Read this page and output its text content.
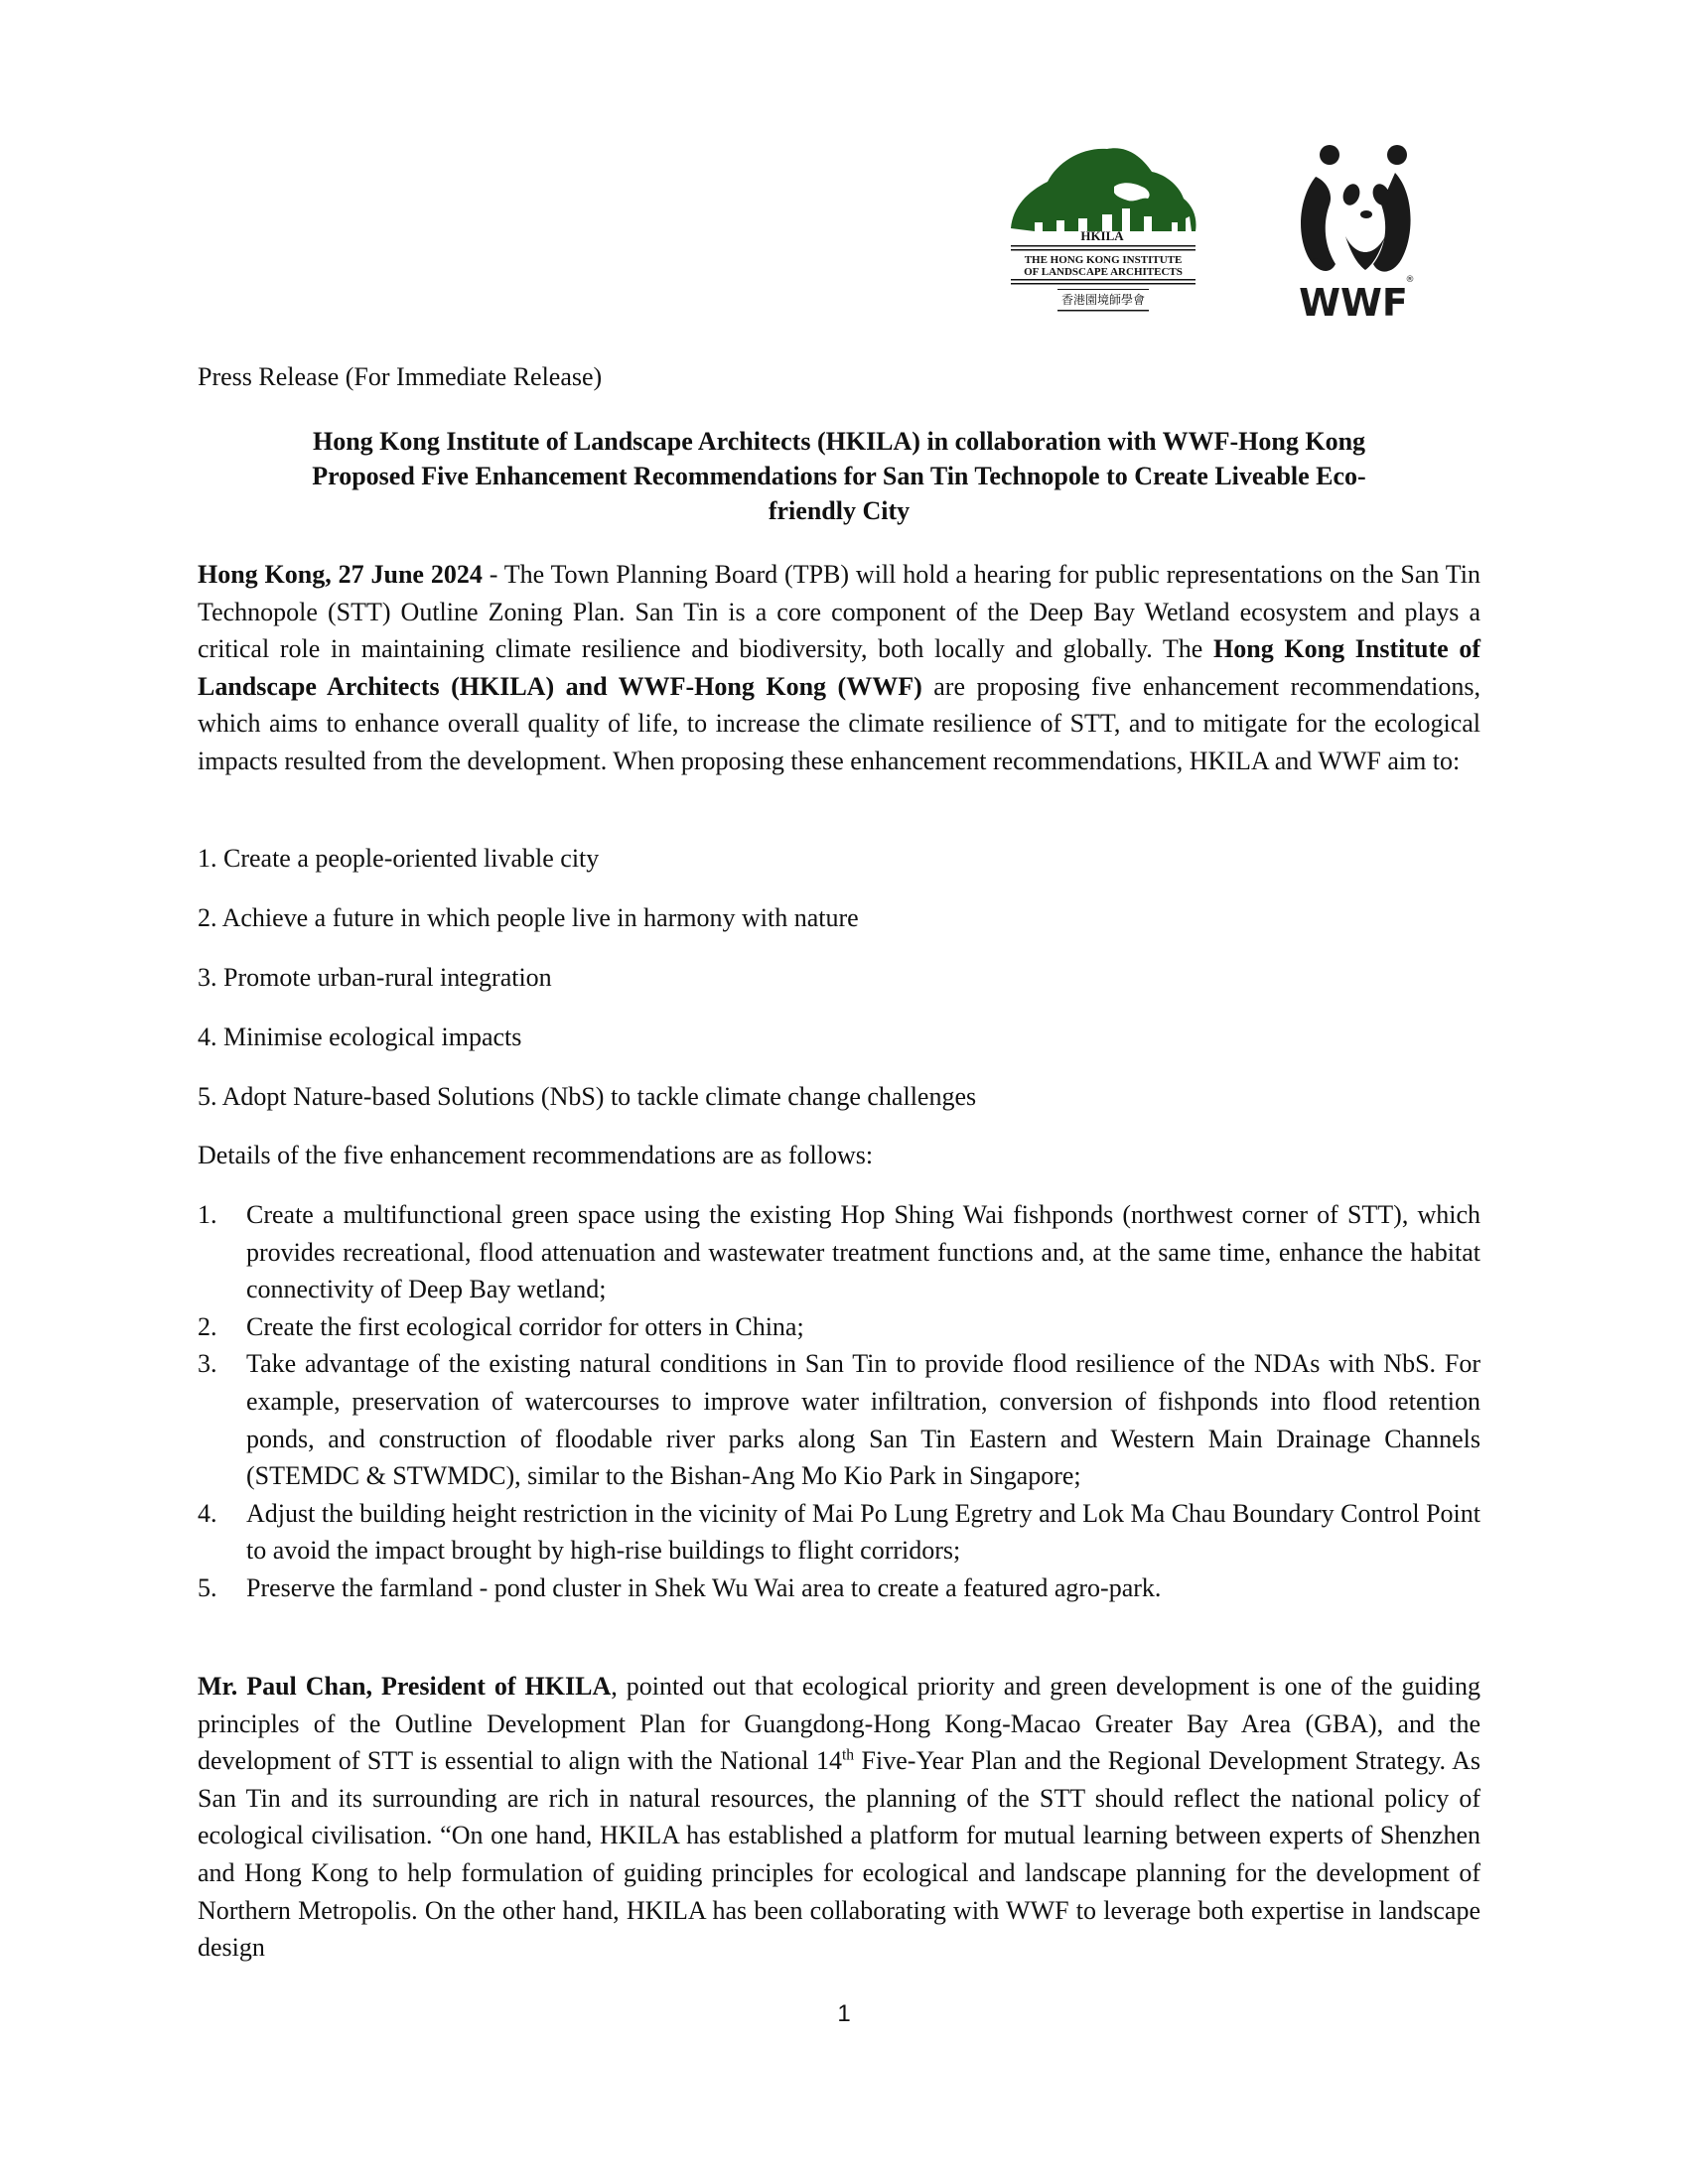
HKILA
THE HONG KONG INSTITUTE
OF LANDSCAPE ARCHITECTS
香港園境師學會
©
®
WWF
Press Release (For Immediate Release)
Hong Kong Institute of Landscape Architects (HKILA) in collaboration with WWF-Hong Kong
Proposed Five Enhancement Recommendations for San Tin Technopole to Create Liveable Eco-
friendly City
Hong Kong, 27 June 2024 - The Town Planning Board (TPB) will hold a hearing for public representations on the San Tin Technopole (STT) Outline Zoning Plan. San Tin is a core component of the Deep Bay Wetland ecosystem and plays a critical role in maintaining climate resilience and biodiversity, both locally and globally. The Hong Kong Institute of Landscape Architects (HKILA) and WWF-Hong Kong (WWF) are proposing five enhancement recommendations, which aims to enhance overall quality of life, to increase the climate resilience of STT, and to mitigate for the ecological impacts resulted from the development. When proposing these enhancement recommendations, HKILA and WWF aim to:
1. Create a people-oriented livable city
2. Achieve a future in which people live in harmony with nature
3. Promote urban-rural integration
4. Minimise ecological impacts
5. Adopt Nature-based Solutions (NbS) to tackle climate change challenges
Details of the five enhancement recommendations are as follows:
1.	Create a multifunctional green space using the existing Hop Shing Wai fishponds (northwest corner of STT), which provides recreational, flood attenuation and wastewater treatment functions and, at the same time, enhance the habitat connectivity of Deep Bay wetland;
2.	Create the first ecological corridor for otters in China;
3.	Take advantage of the existing natural conditions in San Tin to provide flood resilience of the NDAs with NbS. For example, preservation of watercourses to improve water infiltration, conversion of fishponds into flood retention ponds, and construction of floodable river parks along San Tin Eastern and Western Main Drainage Channels (STEMDC & STWMDC), similar to the Bishan-Ang Mo Kio Park in Singapore;
4.	Adjust the building height restriction in the vicinity of Mai Po Lung Egretry and Lok Ma Chau Boundary Control Point to avoid the impact brought by high-rise buildings to flight corridors;
5.	Preserve the farmland - pond cluster in Shek Wu Wai area to create a featured agro-park.
Mr. Paul Chan, President of HKILA, pointed out that ecological priority and green development is one of the guiding principles of the Outline Development Plan for Guangdong-Hong Kong-Macao Greater Bay Area (GBA), and the development of STT is essential to align with the National 14th Five-Year Plan and the Regional Development Strategy. As San Tin and its surrounding are rich in natural resources, the planning of the STT should reflect the national policy of ecological civilisation. “On one hand, HKILA has established a platform for mutual learning between experts of Shenzhen and Hong Kong to help formulation of guiding principles for ecological and landscape planning for the development of Northern Metropolis. On the other hand, HKILA has been collaborating with WWF to leverage both expertise in landscape design
1
